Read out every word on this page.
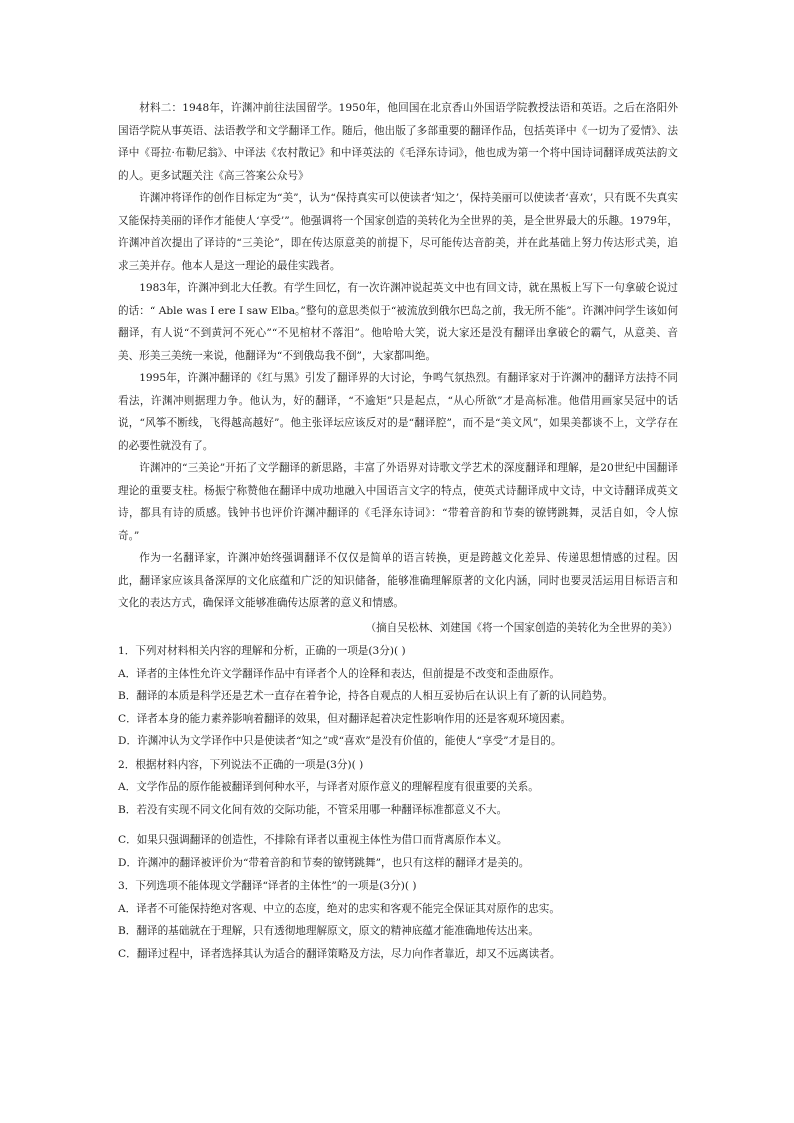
材料二：1948年，许渊冲前往法国留学。1950年，他回国在北京香山外国语学院教授法语和英语。之后在洛阳外国语学院从事英语、法语教学和文学翻译工作。随后，他出版了多部重要的翻译作品，包括英译中《一切为了爱情》、法译中《哥拉·布勒尼翁》、中译法《农村散记》和中译英法的《毛泽东诗词》，他也成为第一个将中国诗词翻译成英法韵文的人。更多试题关注《高三答案公众号》

许渊冲将译作的创作目标定为“美”，认为“保持真实可以使读者‘知之’，保持美丽可以使读者‘喜欢’，只有既不失真实又能保持美丽的译作才能使人‘享受’”。他强调将一个国家创造的美转化为全世界的美，是全世界最大的乐趣。1979年，许渊冲首次提出了译诗的“三美论”，即在传达原意美的前提下，尽可能传达音韵美，并在此基础上努力传达形式美，追求三美并存。他本人是这一理论的最佳实践者。

1983年，许渊冲到北大任教。有学生回忆，有一次许渊冲说起英文中也有回文诗，就在黑板上写下一句拿破仑说过的话：“ Able was I ere I saw Elba。”整句的意思类似于“被流放到俄尔巴岛之前，我无所不能”。许渊冲问学生该如何翻译，有人说“不到黄河不死心”“不见棺材不落泪”。他哈哈大笑，说大家还是没有翻译出拿破仑的霸气，从意美、音美、形美三美统一来说，他翻译为“不到俄岛我不倒”，大家都叫绝。

1995年，许渊冲翻译的《红与黑》引发了翻译界的大讨论，争鸣气氛热烈。有翻译家对于许渊冲的翻译方法持不同看法，许渊冲则据理力争。他认为，好的翻译，“不逾矩”只是起点，“从心所欲”才是高标准。他借用画家吴冠中的话说，“风筝不断线，飞得越高越好”。他主张译坛应该反对的是“翻译腔”，而不是“美文风”，如果美都谈不上，文学存在的必要性就没有了。

许渊冲的“三美论”开拓了文学翻译的新思路，丰富了外语界对诗歌文学艺术的深度翻译和理解，是20世纪中国翻译理论的重要支柱。杨振宁称赞他在翻译中成功地融入中国语言文字的特点，使英式诗翻译成中文诗，中文诗翻译成英文诗，都具有诗的质感。钱钟书也评价许渊冲翻译的《毛泽东诗词》：“带着音韵和节奏的镣铐跳舞，灵活自如，令人惊奇。”

作为一名翻译家，许渊冲始终强调翻译不仅仅是简单的语言转换，更是跨越文化差异、传递思想情感的过程。因此，翻译家应该具备深厚的文化底蕴和广泛的知识储备，能够准确理解原著的文化内涵，同时也要灵活运用目标语言和文化的表达方式，确保译文能够准确传达原著的意义和情感。

（摘自吴松林、刘建国《将一个国家创造的美转化为全世界的美》）

1．下列对材料相关内容的理解和分析，正确的一项是(3分)( )

A．译者的主体性允许文学翻译作品中有译者个人的诠释和表达，但前提是不改变和歪曲原作。

B．翻译的本质是科学还是艺术一直存在着争论，持各自观点的人相互妥协后在认识上有了新的认同趋势。

C．译者本身的能力素养影响着翻译的效果，但对翻译起着决定性影响作用的还是客观环境因素。

D．许渊冲认为文学译作中只是使读者“知之”或“喜欢”是没有价值的，能使人“享受”才是目的。

2．根据材料内容，下列说法不正确的一项是(3分)( )

A．文学作品的原作能被翻译到何种水平，与译者对原作意义的理解程度有很重要的关系。

B．若没有实现不同文化间有效的交际功能，不管采用哪一种翻译标准都意义不大。

C．如果只强调翻译的创造性，不排除有译者以重视主体性为借口而背离原作本义。

D．许渊冲的翻译被评价为“带着音韵和节奏的镣铐跳舞”，也只有这样的翻译才是美的。

3．下列选项不能体现文学翻译“译者的主体性”的一项是(3分)( )

A．译者不可能保持绝对客观、中立的态度，绝对的忠实和客观不能完全保证其对原作的忠实。

B．翻译的基础就在于理解，只有透彻地理解原文，原文的精神底蕴才能准确地传达出来。

C．翻译过程中，译者选择其认为适合的翻译策略及方法，尽力向作者靠近，却又不远离读者。
